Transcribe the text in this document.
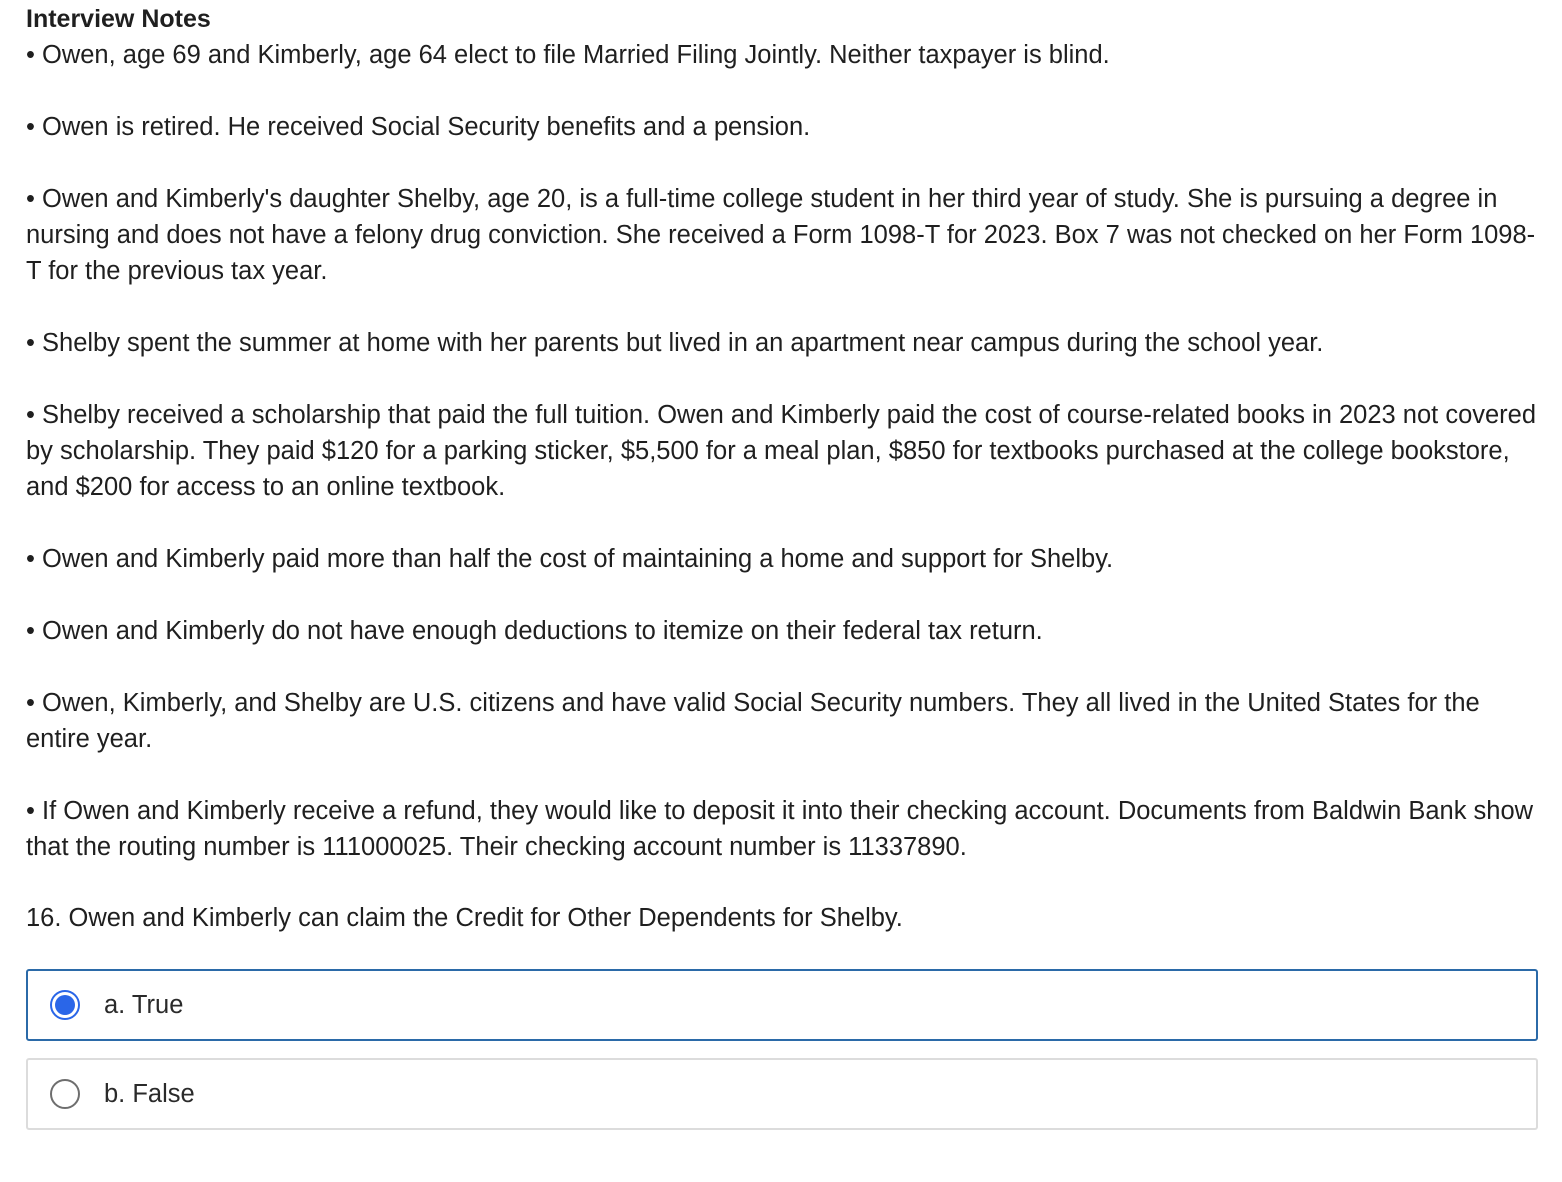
Interview Notes
• Owen, age 69 and Kimberly, age 64 elect to file Married Filing Jointly. Neither taxpayer is blind.
• Owen is retired. He received Social Security benefits and a pension.
• Owen and Kimberly's daughter Shelby, age 20, is a full-time college student in her third year of study. She is pursuing a degree in nursing and does not have a felony drug conviction. She received a Form 1098-T for 2023. Box 7 was not checked on her Form 1098-T for the previous tax year.
• Shelby spent the summer at home with her parents but lived in an apartment near campus during the school year.
• Shelby received a scholarship that paid the full tuition. Owen and Kimberly paid the cost of course-related books in 2023 not covered by scholarship. They paid $120 for a parking sticker, $5,500 for a meal plan, $850 for textbooks purchased at the college bookstore, and $200 for access to an online textbook.
• Owen and Kimberly paid more than half the cost of maintaining a home and support for Shelby.
• Owen and Kimberly do not have enough deductions to itemize on their federal tax return.
• Owen, Kimberly, and Shelby are U.S. citizens and have valid Social Security numbers. They all lived in the United States for the entire year.
• If Owen and Kimberly receive a refund, they would like to deposit it into their checking account. Documents from Baldwin Bank show that the routing number is 111000025. Their checking account number is 11337890.
16. Owen and Kimberly can claim the Credit for Other Dependents for Shelby.
a. True
b. False
